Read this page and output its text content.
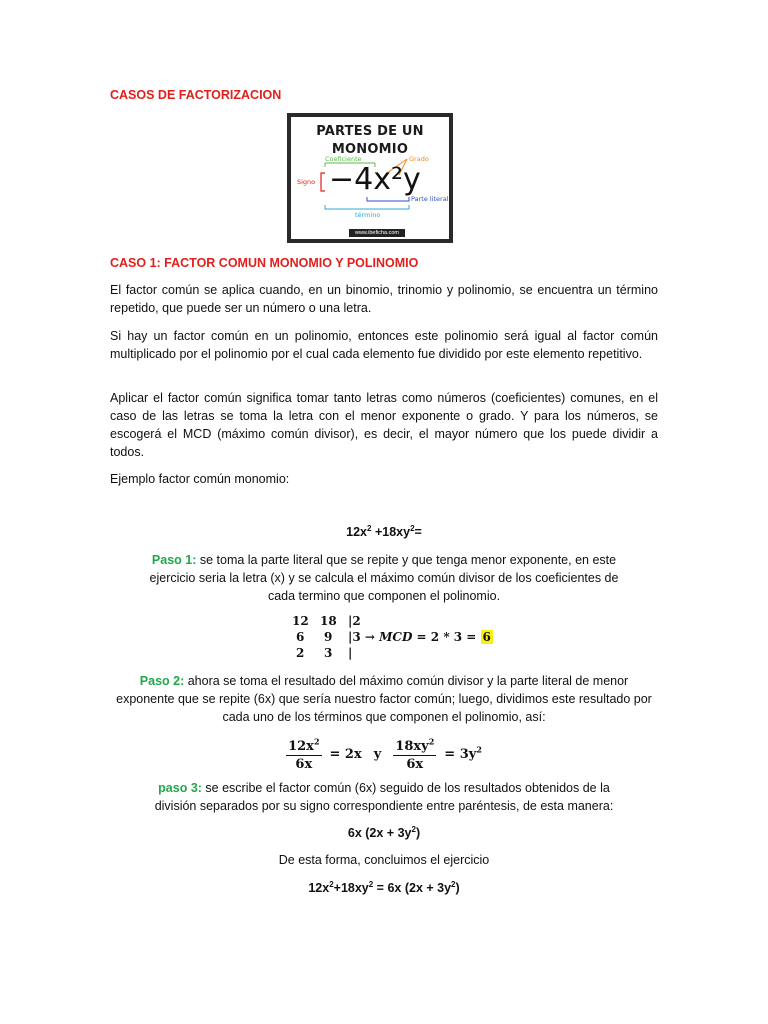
CASOS DE FACTORIZACION

PARTES DE UN MONOMIO
Coeficiente	Grado
Signo −4x²y
Parte literal
término
www.ibeficha.com

CASO 1: FACTOR COMUN MONOMIO Y POLINOMIO

El factor común se aplica cuando, en un binomio, trinomio y polinomio, se encuentra un término repetido, que puede ser un número o una letra.

Si hay un factor común en un polinomio, entonces este polinomio será igual al factor común multiplicado por el polinomio por el cual cada elemento fue dividido por este elemento repetitivo.

Aplicar el factor común significa tomar tanto letras como números (coeficientes) comunes, en el caso de las letras se toma la letra con el menor exponente o grado. Y para los números, se escogerá el MCD (máximo común divisor), es decir, el mayor número que los puede dividir a todos.

Ejemplo factor común monomio:

$12x^2 +18xy^2=$

Paso 1: se toma la parte literal que se repite y que tenga menor exponente, en este ejercicio seria la letra (x) y se calcula el máximo común divisor de los coeficientes de cada termino que componen el polinomio.

12 18 |2
6 9 |3 → MCD = 2 * 3 = 6
2 3 |

Paso 2: ahora se toma el resultado del máximo común divisor y la parte literal de menor exponente que se repite (6x) que sería nuestro factor común; luego, dividimos este resultado por cada uno de los términos que componen el polinomio, así:

$\frac{12x^2}{6x} = 2x$ y $\frac{18xy^2}{6x} = 3y^2$

paso 3: se escribe el factor común (6x) seguido de los resultados obtenidos de la división separados por su signo correspondiente entre paréntesis, de esta manera:

6x $(2x + 3y^2)$

De esta forma, concluimos el ejercicio

$12x^2+18xy^2 = 6x$ $(2x + 3y^2)$
